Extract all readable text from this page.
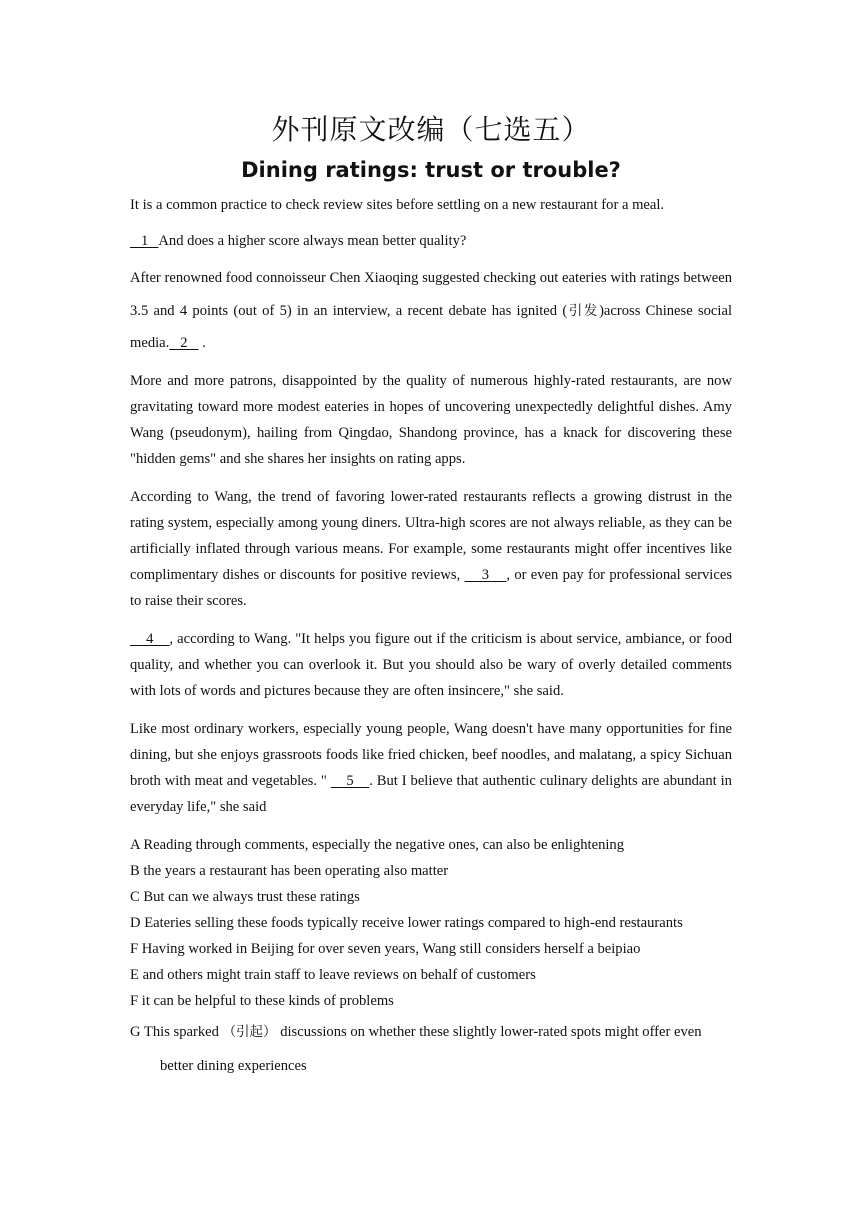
外刊原文改编（七选五）
Dining ratings: trust or trouble?
It is a common practice to check review sites before settling on a new restaurant for a meal.
1   And does a higher score always mean better quality?
After renowned food connoisseur Chen Xiaoqing suggested checking out eateries with ratings between 3.5 and 4 points (out of 5) in an interview, a recent debate has ignited (引发)across Chinese social media.   2    .
More and more patrons, disappointed by the quality of numerous highly-rated restaurants, are now gravitating toward more modest eateries in hopes of uncovering unexpectedly delightful dishes. Amy Wang (pseudonym), hailing from Qingdao, Shandong province, has a knack for discovering these "hidden gems" and she shares her insights on rating apps.
According to Wang, the trend of favoring lower-rated restaurants reflects a growing distrust in the rating system, especially among young diners. Ultra-high scores are not always reliable, as they can be artificially inflated through various means. For example, some restaurants might offer incentives like complimentary dishes or discounts for positive reviews,     3    , or even pay for professional services to raise their scores.
4    , according to Wang. "It helps you figure out if the criticism is about service, ambiance, or food quality, and whether you can overlook it. But you should also be wary of overly detailed comments with lots of words and pictures because they are often insincere," she said.
Like most ordinary workers, especially young people, Wang doesn't have many opportunities for fine dining, but she enjoys grassroots foods like fried chicken, beef noodles, and malatang, a spicy Sichuan broth with meat and vegetables. "     5    . But I believe that authentic culinary delights are abundant in everyday life," she said
A Reading through comments, especially the negative ones, can also be enlightening
B the years a restaurant has been operating also matter
C But can we always trust these ratings
D Eateries selling these foods typically receive lower ratings compared to high-end restaurants
F Having worked in Beijing for over seven years, Wang still considers herself a beipiao
E and others might train staff to leave reviews on behalf of customers
F it can be helpful to these kinds of problems
G This sparked （引起） discussions on whether these slightly lower-rated spots might offer even
better dining experiences
